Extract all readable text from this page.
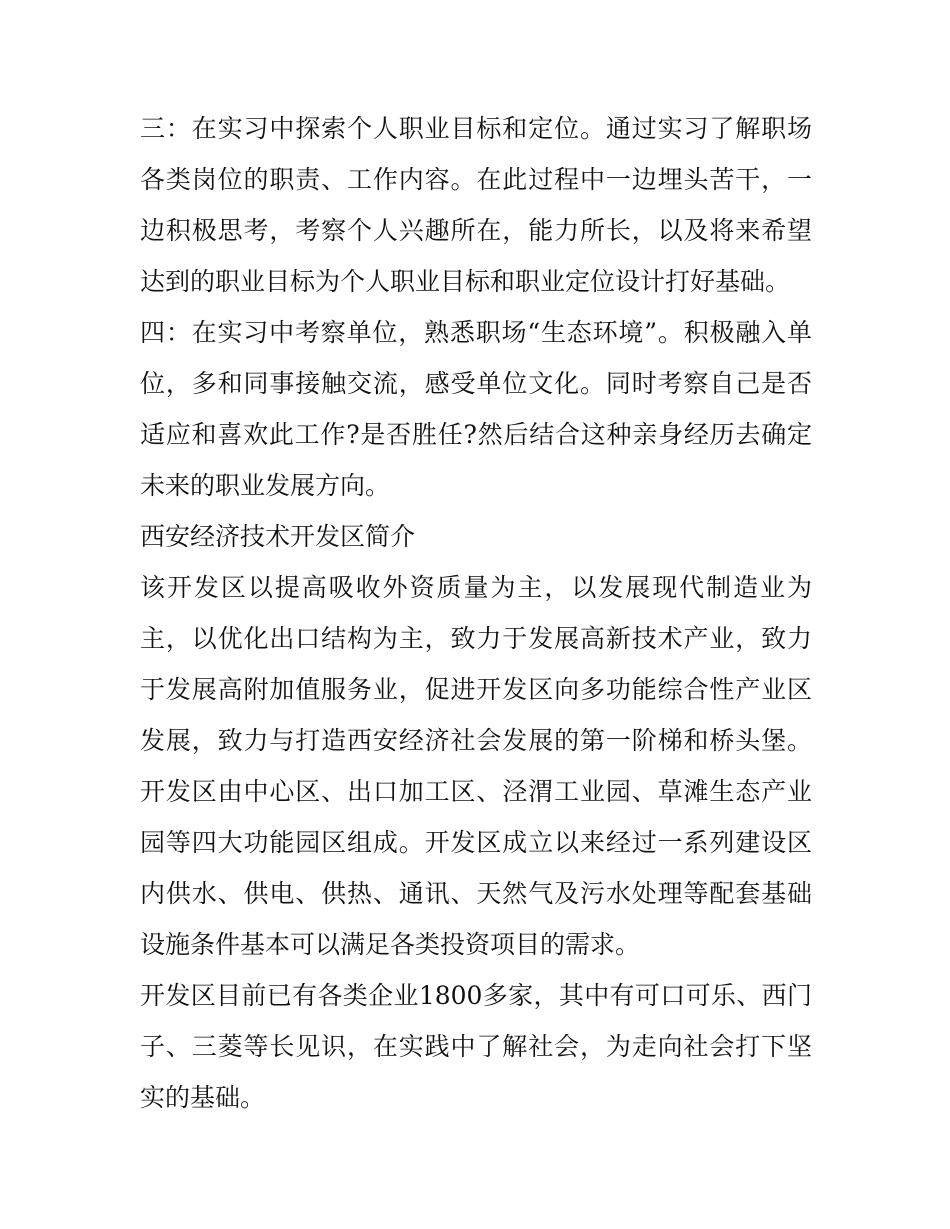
三：在实习中探索个人职业目标和定位。通过实习了解职场各类岗位的职责、工作内容。在此过程中一边埋头苦干，一边积极思考，考察个人兴趣所在，能力所长，以及将来希望达到的职业目标为个人职业目标和职业定位设计打好基础。

四：在实习中考察单位，熟悉职场“生态环境”。积极融入单位，多和同事接触交流，感受单位文化。同时考察自己是否适应和喜欢此工作?是否胜任?然后结合这种亲身经历去确定未来的职业发展方向。

西安经济技术开发区简介

该开发区以提高吸收外资质量为主，以发展现代制造业为主，以优化出口结构为主，致力于发展高新技术产业，致力于发展高附加值服务业，促进开发区向多功能综合性产业区发展，致力与打造西安经济社会发展的第一阶梯和桥头堡。开发区由中心区、出口加工区、泾渭工业园、草滩生态产业园等四大功能园区组成。开发区成立以来经过一系列建设区内供水、供电、供热、通讯、天然气及污水处理等配套基础设施条件基本可以满足各类投资项目的需求。

开发区目前已有各类企业1800多家，其中有可口可乐、西门子、三菱等长见识，在实践中了解社会，为走向社会打下坚实的基础。
